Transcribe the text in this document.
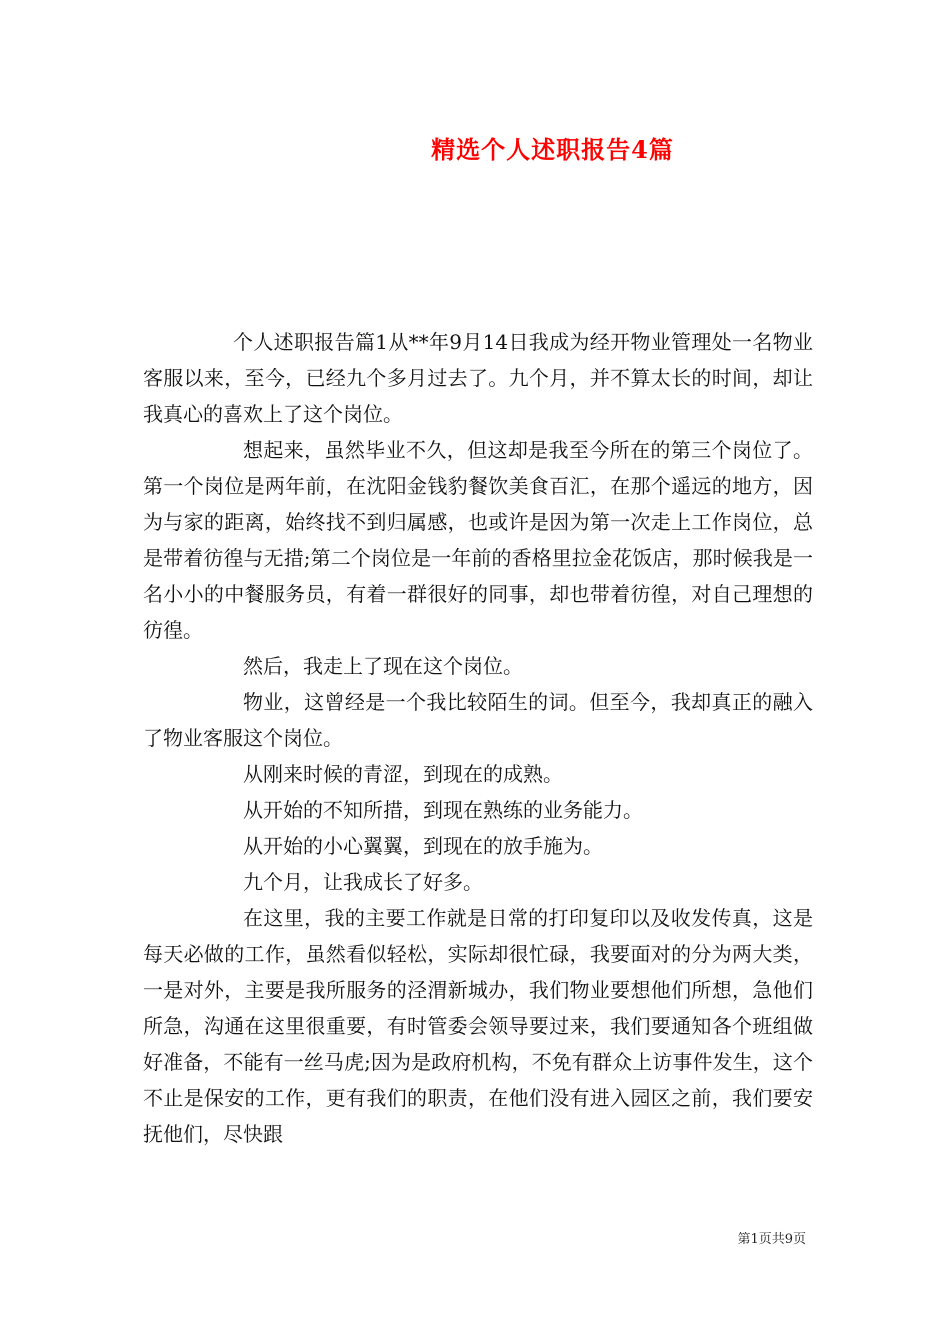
精选个人述职报告4篇

个人述职报告篇1从**年9月14日我成为经开物业管理处一名物业客服以来，至今，已经九个多月过去了。九个月，并不算太长的时间，却让我真心的喜欢上了这个岗位。

想起来，虽然毕业不久，但这却是我至今所在的第三个岗位了。第一个岗位是两年前，在沈阳金钱豹餐饮美食百汇，在那个遥远的地方，因为与家的距离，始终找不到归属感，也或许是因为第一次走上工作岗位，总是带着彷徨与无措;第二个岗位是一年前的香格里拉金花饭店，那时候我是一名小小的中餐服务员，有着一群很好的同事，却也带着彷徨，对自己理想的彷徨。

然后，我走上了现在这个岗位。

物业，这曾经是一个我比较陌生的词。但至今，我却真正的融入了物业客服这个岗位。

从刚来时候的青涩，到现在的成熟。

从开始的不知所措，到现在熟练的业务能力。

从开始的小心翼翼，到现在的放手施为。

九个月，让我成长了好多。

在这里，我的主要工作就是日常的打印复印以及收发传真，这是每天必做的工作，虽然看似轻松，实际却很忙碌，我要面对的分为两大类，一是对外，主要是我所服务的泾渭新城办，我们物业要想他们所想，急他们所急，沟通在这里很重要，有时管委会领导要过来，我们要通知各个班组做好准备，不能有一丝马虎;因为是政府机构，不免有群众上访事件发生，这个不止是保安的工作，更有我们的职责，在他们没有进入园区之前，我们要安抚他们，尽快跟

第1页共9页
